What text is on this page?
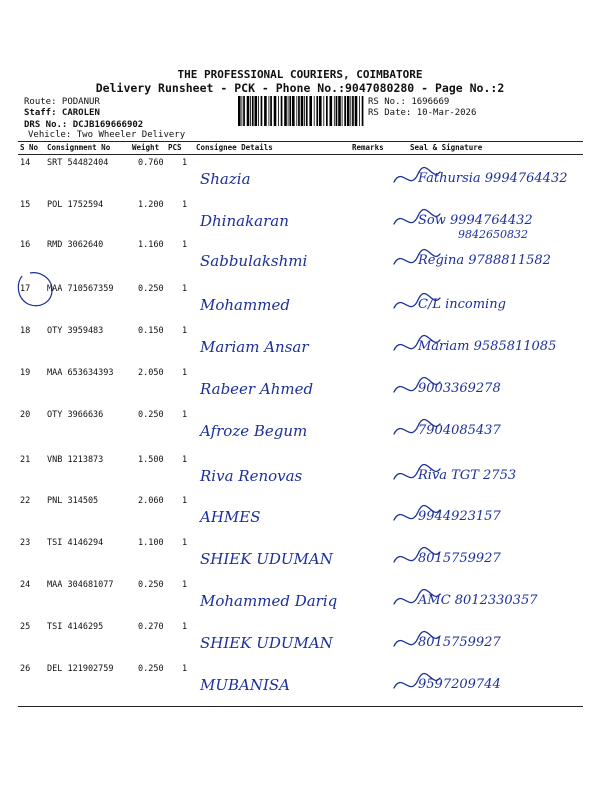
THE PROFESSIONAL COURIERS, COIMBATORE
Delivery Runsheet - PCK - Phone No.:9047080280 - Page No.:2
Route: PODANUR
Staff: CAROLEN
DRS No.: DCJB169666902
Vehicle: Two Wheeler Delivery
RS No.: 1696669
RS Date: 10-Mar-2026
S No Consignment No	Weight PCS Consignee Details	Remarks	Seal & Signature
14 SRT 54482404	0.760 1
Shazia	Fathursia 9994764432
15 POL 1752594	1.200 1
Dhinakaran	Sow 9994764432
9842650832
16 RMD 3062640	1.160 1
Sabbulakshmi	Regina 9788811582
17 MAA 710567359	0.250 1
Mohammed	C/L incoming
18 OTY 3959483	0.150 1
Mariam Ansar	Mariam 9585811085
19 MAA 653634393	2.050 1
Rabeer Ahmed	9003369278
20 OTY 3966636	0.250 1
Afroze Begum	7904085437
21 VNB 1213873	1.500 1
Riva Renovas	Riva TGT 2753
22 PNL 314505	2.060 1
AHMES	9944923157
23 TSI 4146294	1.100 1
SHIEK UDUMAN	8015759927
24 MAA 304681077	0.250 1
Mohammed Dariq	AMC 8012330357
25 TSI 4146295	0.270 1
SHIEK UDUMAN	8015759927
26 DEL 121902759	0.250 1
MUBANISA	9597209744
